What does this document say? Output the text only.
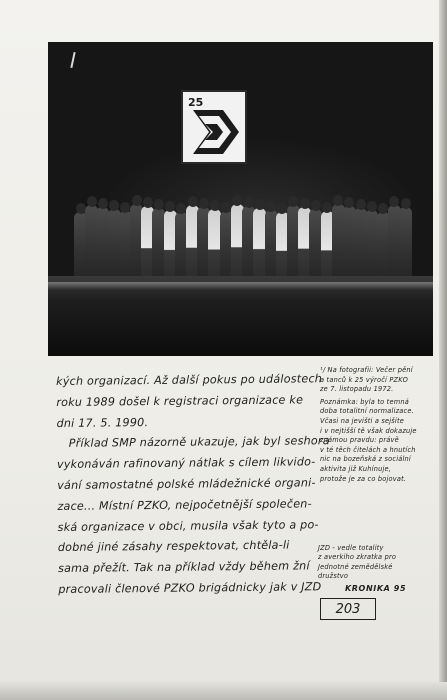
25
kých organizací. Až další pokus po událostech
roku 1989 došel k registraci organizace ke
dni 17. 5. 1990.
Příklad SMP názorně ukazuje, jak byl seshora
vykonáván rafinovaný nátlak s cílem likvido-
vání samostatné polské mládežnické organi-
zace... Místní PZKO, nejpočetnější společen-
ská organizace v obci, musila však tyto a po-
dobné jiné zásahy respektovat, chtěla-li
sama přežít. Tak na příklad vždy během žní
pracovali členové PZKO brigádnicky jak v JZD
¹/ Na fotografii: Večer pění
a tanců k 25 výročí PZKO
ze 7. listopadu 1972.
Poznámka: byla to temná
doba totalitní normalizace.
Včasi na jevišti a sejšíte
i v nejtišší tě však dokazuje
známou pravdu: právě
v té těch čitelách a hnutích
nic na bozeňská z sociální
aktivita již Kuhínuje,
protože je za co bojovat.
JZD - vedle totality
z averkiho zkratka pro
Jednotné zemědělské
družstvo
KRONIKA 95
203
